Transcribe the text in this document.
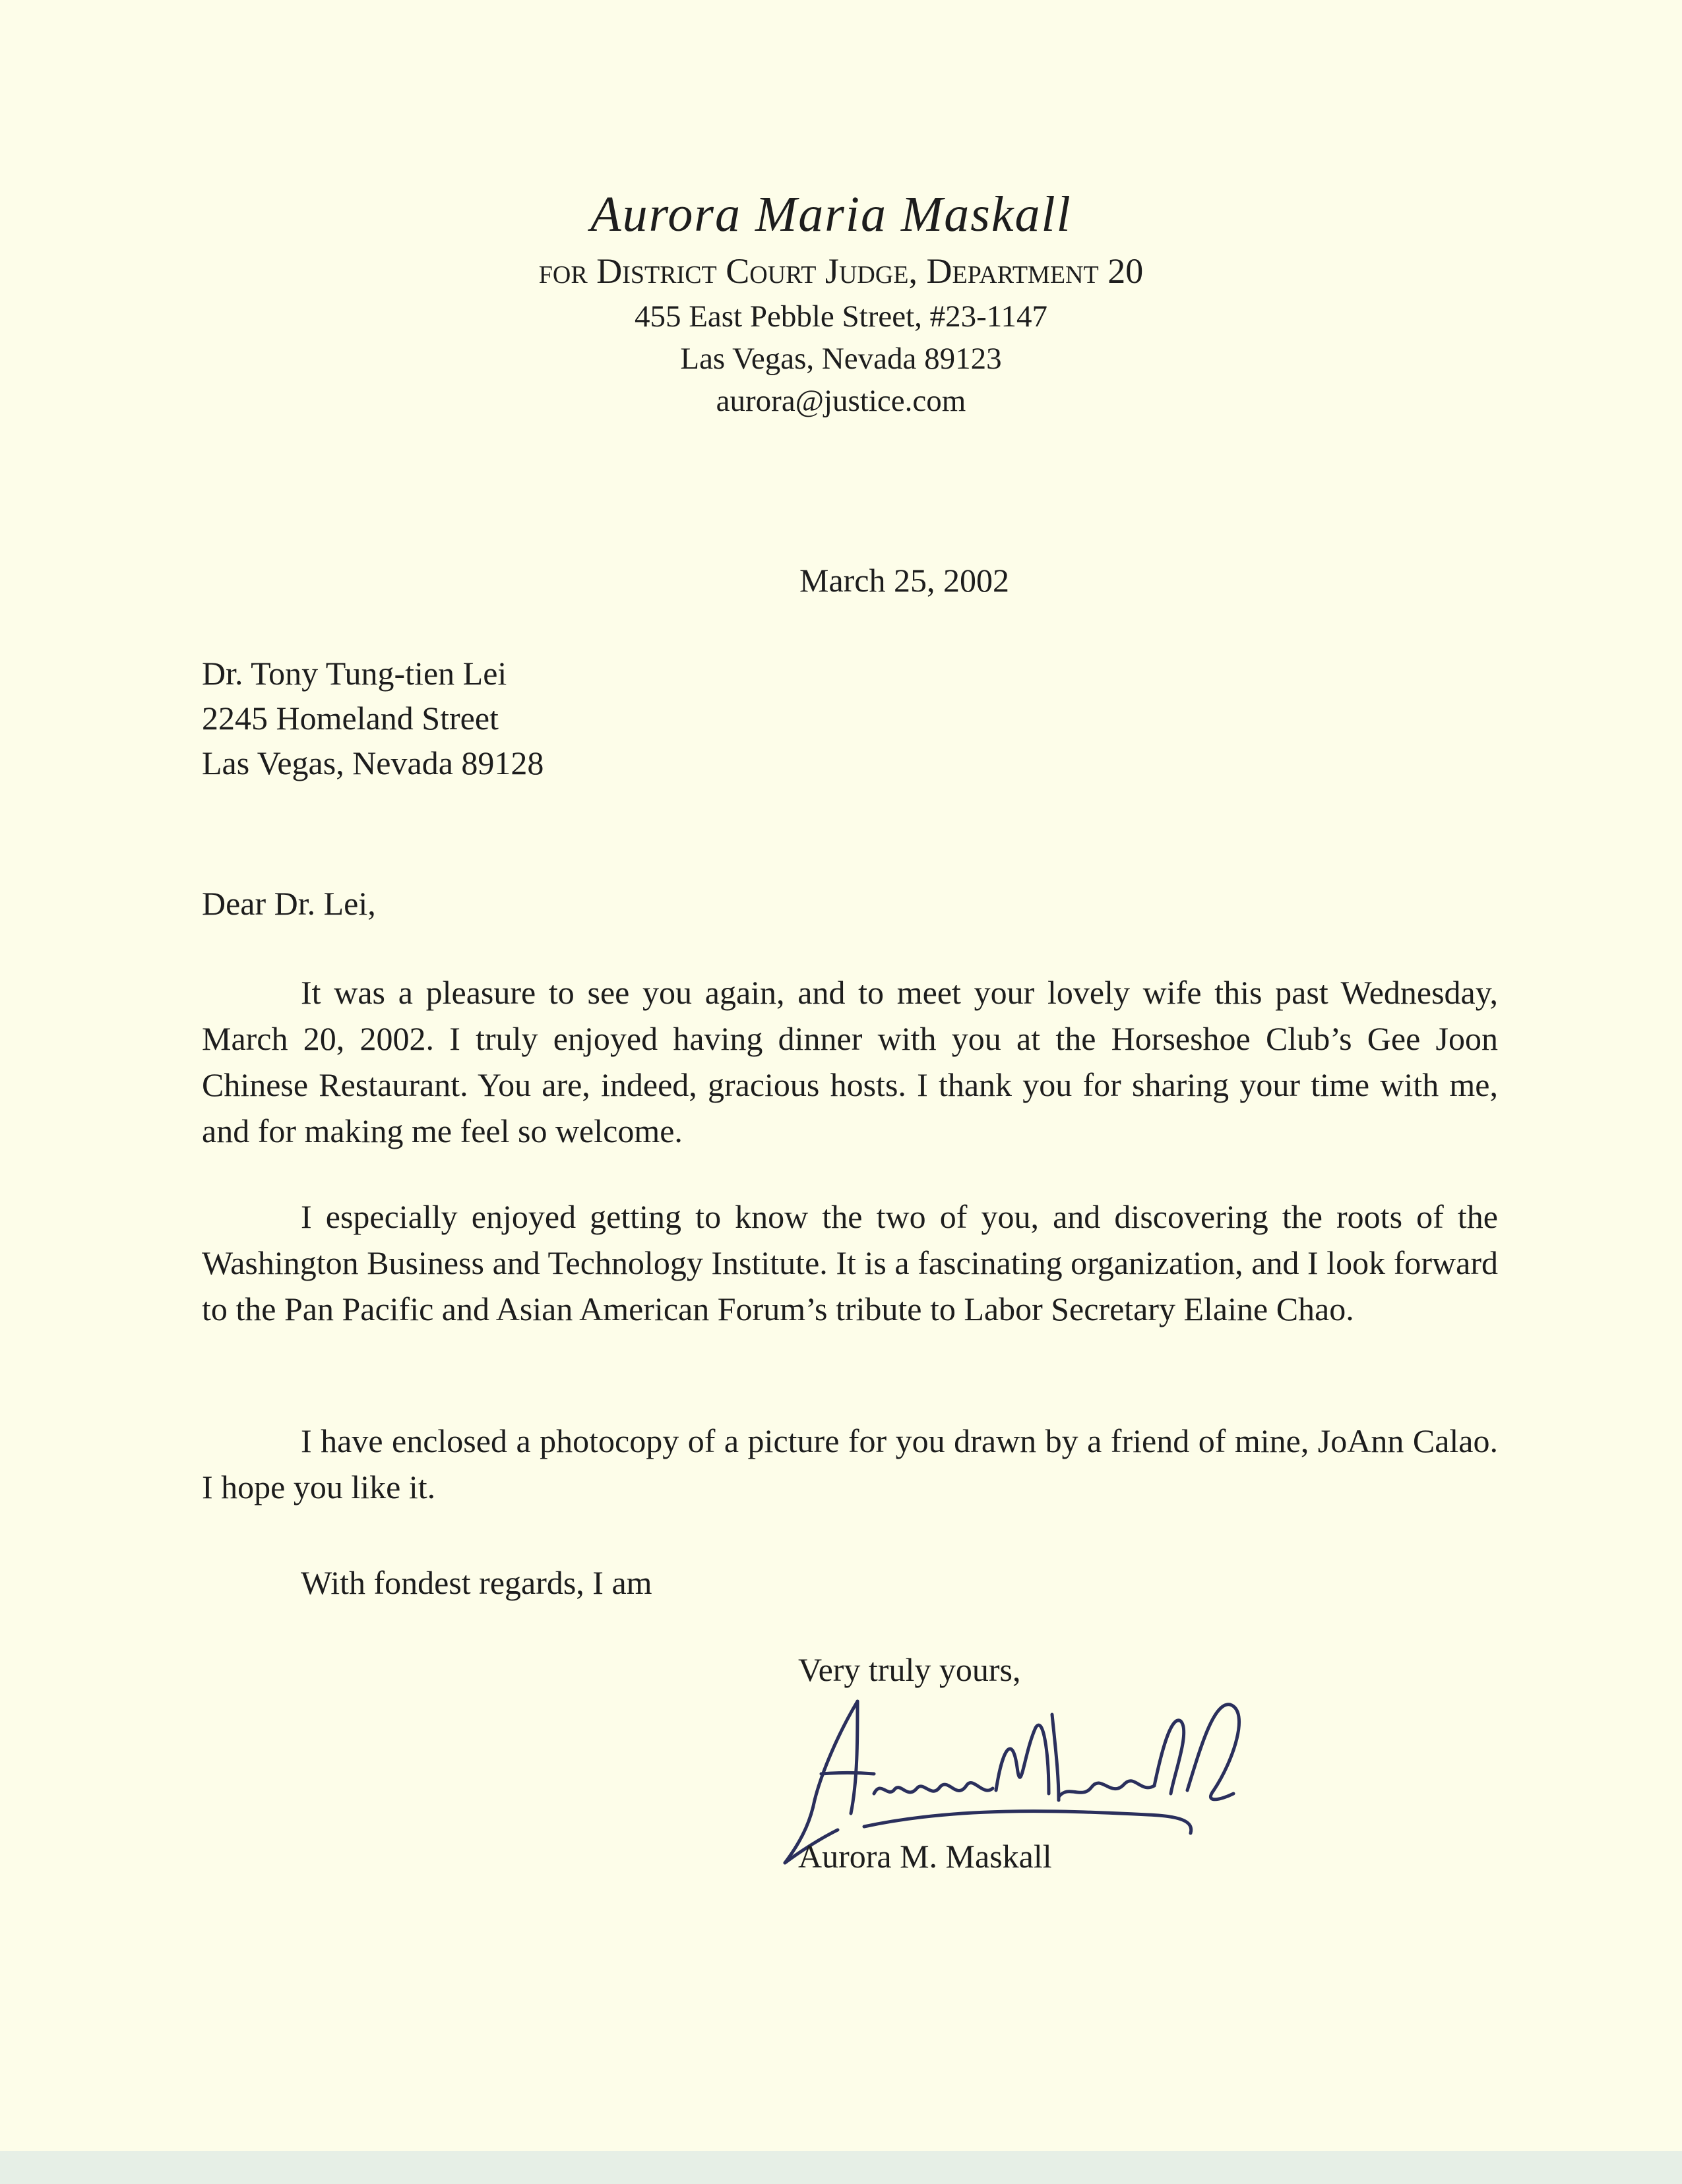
Aurora Maria Maskall
for District Court Judge, Department 20
455 East Pebble Street, #23-1147
Las Vegas, Nevada 89123
aurora@justice.com
March 25, 2002
Dr. Tony Tung-tien Lei
2245 Homeland Street
Las Vegas, Nevada 89128
Dear Dr. Lei,

It was a pleasure to see you again, and to meet your lovely wife this past Wednesday, March 20, 2002. I truly enjoyed having dinner with you at the Horseshoe Club’s Gee Joon Chinese Restaurant. You are, indeed, gracious hosts. I thank you for sharing your time with me, and for making me feel so welcome.

I especially enjoyed getting to know the two of you, and discovering the roots of the Washington Business and Technology Institute. It is a fascinating organization, and I look forward to the Pan Pacific and Asian American Forum’s tribute to Labor Secretary Elaine Chao.

I have enclosed a photocopy of a picture for you drawn by a friend of mine, JoAnn Calao. I hope you like it.

With fondest regards, I am
Very truly yours,
Aurora M. Maskall
